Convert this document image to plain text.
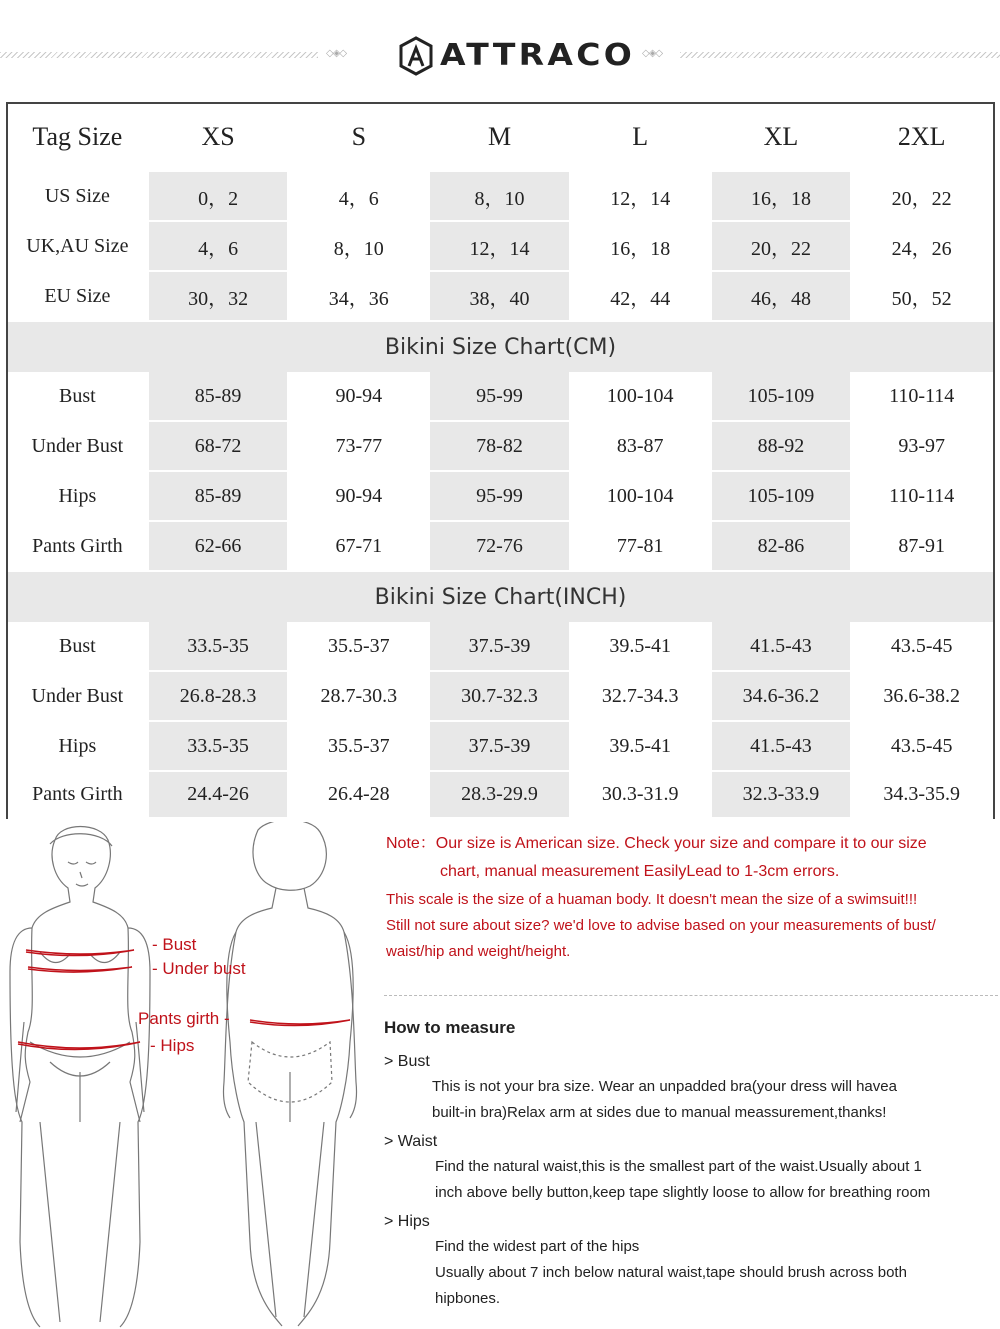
◇◈◇	ATTRACO ◇◈◇
Tag Size	XS	S	M	L	XL	2XL
US Size	0，2	4，6	8，10	12，14	16，18	20，22
UK,AU Size	4，6	8，10	12，14	16，18	20，22	24，26
EU Size	30，32	34，36	38，40	42，44	46，48	50，52
Bikini Size Chart(CM)
Bust	85-89	90-94	95-99	100-104	105-109	110-114
Under Bust	68-72	73-77	78-82	83-87	88-92	93-97
Hips	85-89	90-94	95-99	100-104	105-109	110-114
Pants Girth	62-66	67-71	72-76	77-81	82-86	87-91
Bikini Size Chart(INCH)
Bust	33.5-35	35.5-37	37.5-39	39.5-41	41.5-43	43.5-45
Under Bust	26.8-28.3	28.7-30.3	30.7-32.3	32.7-34.3	34.6-36.2	36.6-38.2
Hips	33.5-35	35.5-37	37.5-39	39.5-41	41.5-43	43.5-45
Pants Girth	24.4-26	26.4-28	28.3-29.9	30.3-31.9	32.3-33.9	34.3-35.9
- Bust
- Under bust
Pants girth -
- Hips
Note：Our size is American size. Check your size and compare it to our size
chart, manual measurement EasilyLead to 1-3cm errors.
This scale is the size of a huaman body. It doesn't mean the size of a swimsuit!!!
Still not sure about size? we'd love to advise based on your measurements of bust/
waist/hip and weight/height.
How to measure
> Bust
This is not your bra size. Wear an unpadded bra(your dress will havea
built-in bra)Relax arm at sides due to manual meassurement,thanks!
> Waist
Find the natural waist,this is the smallest part of the waist.Usually about 1
inch above belly button,keep tape slightly loose to allow for breathing room
> Hips
Find the widest part of the hips
Usually about 7 inch below natural waist,tape should brush across both
hipbones.
